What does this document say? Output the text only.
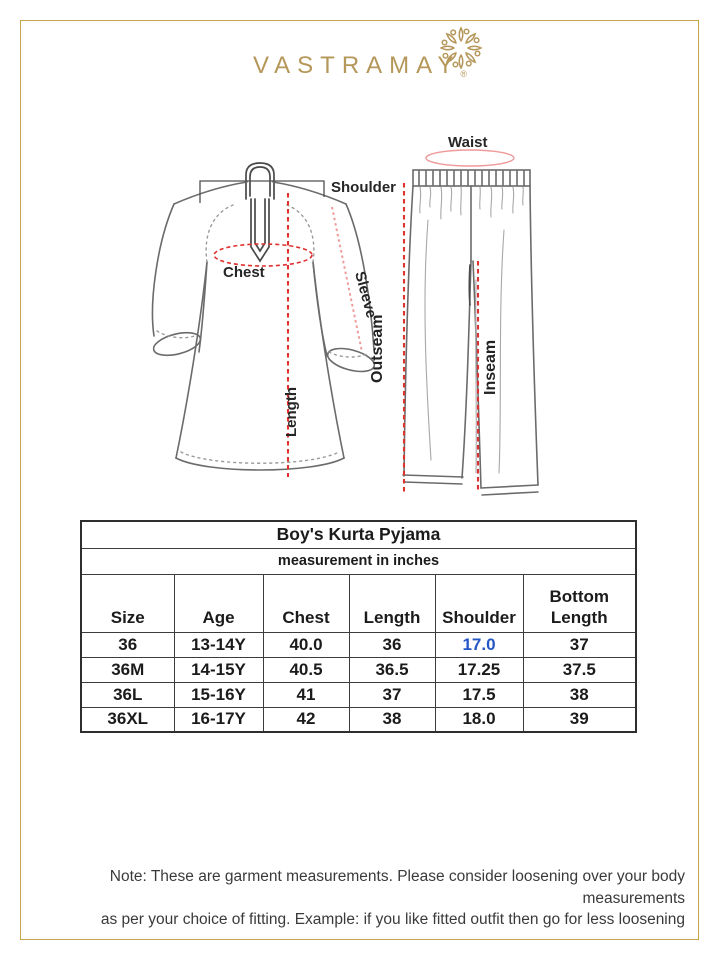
$VASTRAMAY_®$
Shoulder
Chest	Sleeve
Length
Waist
Outseam	Inseam
Boy's Kurta Pyjama					
measurement in inches					
Size	Age	Chest	Length	Shoulder	Bottom Length
36	13-14Y	40.0	36	17.0	37
36M	14-15Y	40.5	36.5	17.25	37.5
36L	15-16Y	41	37	17.5	38
36XL	16-17Y	42	38	18.0	39
Note: These are garment measurements. Please consider loosening over your body measurements
as per your choice of fitting. Example: if you like fitted outfit then go for less loosening
